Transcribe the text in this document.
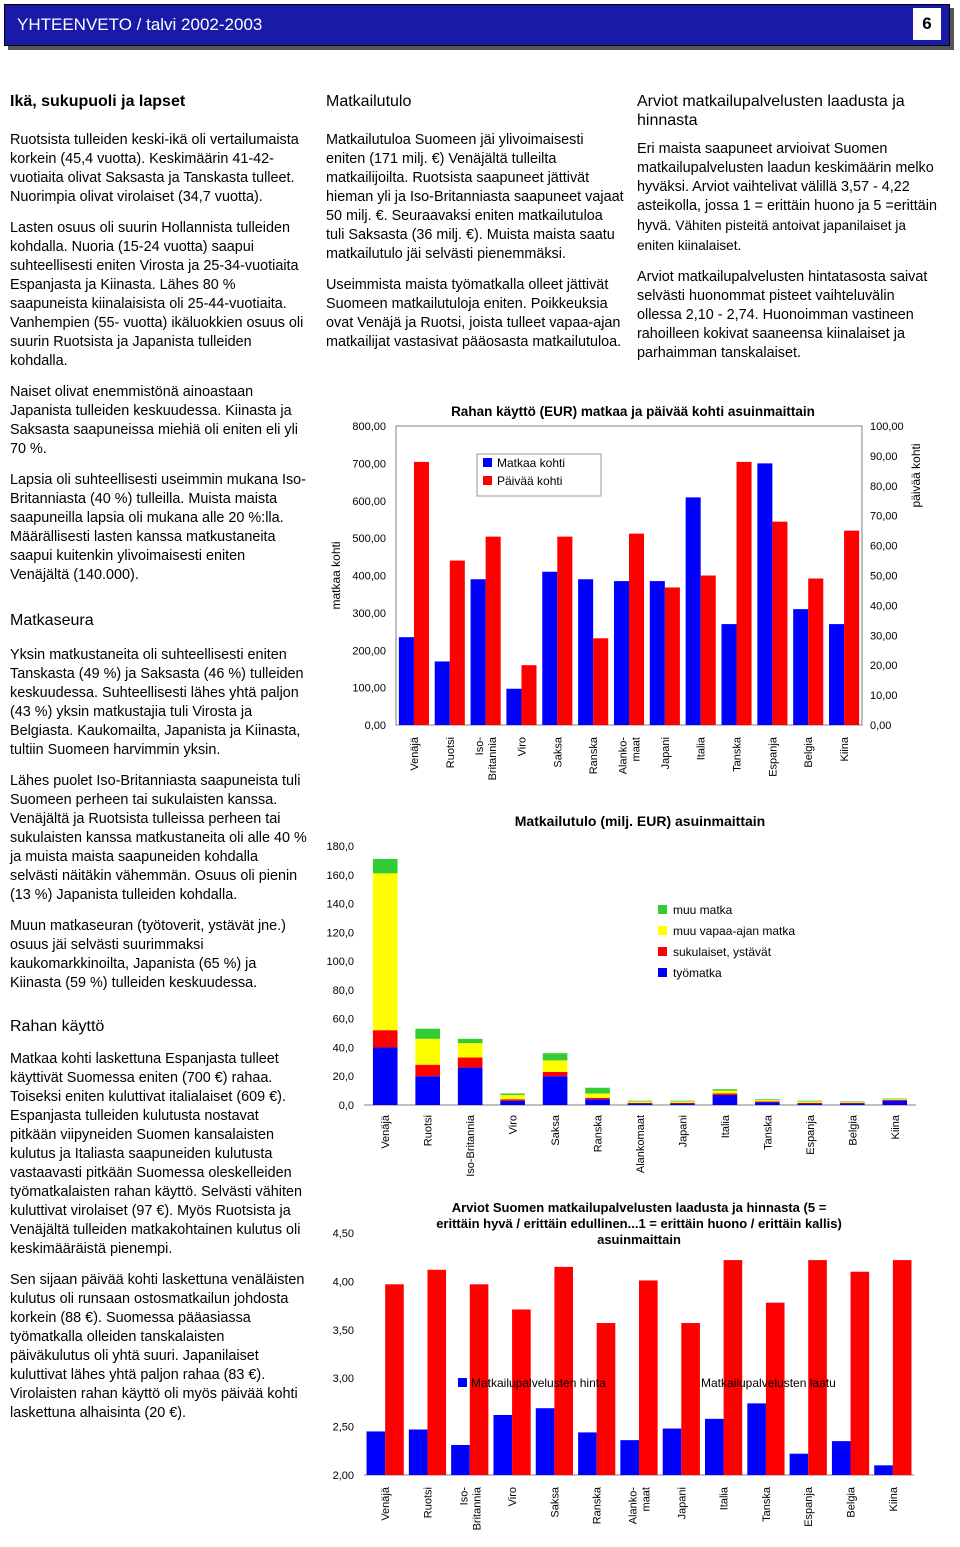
YHTEENVETO / talvi 2002-2003	6
Ikä, sukupuoli ja lapset

Ruotsista tulleiden keski-ikä oli vertailumaista korkein (45,4 vuotta). Keskimäärin 41-42-vuotiaita olivat Saksasta ja Tanskasta tulleet. Nuorimpia olivat virolaiset (34,7 vuotta).

Lasten osuus oli suurin Hollannista tulleiden kohdalla. Nuoria (15-24 vuotta) saapui suhteellisesti eniten Virosta ja 25-34-vuotiaita Espanjasta ja Kiinasta. Lähes 80 % saapuneista kiinalaisista oli 25-44-vuotiaita. Vanhempien (55- vuotta) ikäluokkien osuus oli suurin Ruotsista ja Japanista tulleiden kohdalla.

Naiset olivat enemmistönä ainoastaan Japanista tulleiden keskuudessa. Kiinasta ja Saksasta saapuneissa miehiä oli eniten eli yli 70 %.

Lapsia oli suhteellisesti useimmin mukana Iso-Britanniasta (40 %) tulleilla. Muista maista saapuneilla lapsia oli mukana alle 20 %:lla. Määrällisesti lasten kanssa matkustaneita saapui kuitenkin ylivoimaisesti eniten Venäjältä (140.000).

Matkaseura

Yksin matkustaneita oli suhteellisesti eniten Tanskasta (49 %) ja Saksasta (46 %) tulleiden keskuudessa. Suhteellisesti lähes yhtä paljon (43 %) yksin matkustajia tuli Virosta ja Belgiasta. Kaukomailta, Japanista ja Kiinasta, tultiin Suomeen harvimmin yksin.

Lähes puolet Iso-Britanniasta saapuneista tuli Suomeen perheen tai sukulaisten kanssa. Venäjältä ja Ruotsista tulleissa perheen tai sukulaisten kanssa matkustaneita oli alle 40 % ja muista maista saapuneiden kohdalla selvästi näitäkin vähemmän. Osuus oli pienin (13 %) Japanista tulleiden kohdalla.

Muun matkaseuran (työtoverit, ystävät jne.) osuus jäi selvästi suurimmaksi kaukomarkkinoilta, Japanista (65 %) ja Kiinasta (59 %) tulleiden keskuudessa.

Rahan käyttö

Matkaa kohti laskettuna Espanjasta tulleet käyttivät Suomessa eniten (700 €) rahaa. Toiseksi eniten kuluttivat italialaiset (609 €). Espanjasta tulleiden kulutusta nostavat pitkään viipyneiden Suomen kansalaisten kulutus ja Italiasta saapuneiden kulutusta vastaavasti pitkään Suomessa oleskelleiden työmatkalaisten rahan käyttö. Selvästi vähiten kuluttivat virolaiset (97 €). Myös Ruotsista ja Venäjältä tulleiden matkakohtainen kulutus oli keskimääräistä pienempi.

Sen sijaan päivää kohti laskettuna venäläisten kulutus oli runsaan ostosmatkailun johdosta korkein (88 €). Suomessa pääasiassa työmatkalla olleiden tanskalaisten päiväkulutus oli yhtä suuri. Japanilaiset kuluttivat lähes yhtä paljon rahaa (83 €). Virolaisten rahan käyttö oli myös päivää kohti laskettuna alhaisinta (20 €).

Matkailutulo

Matkailutuloa Suomeen jäi ylivoimaisesti eniten (171 milj. €) Venäjältä tulleilta matkailijoilta. Ruotsista saapuneet jättivät hieman yli ja Iso-Britanniasta saapuneet vajaat 50 milj. €. Seuraavaksi eniten matkailutuloa tuli Saksasta (36 milj. €). Muista maista saatu matkailutulo jäi selvästi pienemmäksi.

Useimmista maista työmatkalla olleet jättivät Suomeen matkailutuloja eniten. Poikkeuksia ovat Venäjä ja Ruotsi, joista tulleet vapaa-ajan matkailijat vastasivat pääosasta matkailutuloa.

Arviot matkailupalvelusten laadusta ja hinnasta

Eri maista saapuneet arvioivat Suomen matkailupalvelusten laadun keskimäärin melko hyväksi. Arviot vaihtelivat välillä 3,57 - 4,22 asteikolla, jossa 1 = erittäin huono ja 5 =erittäin hyvä. Vähiten pisteitä antoivat japanilaiset ja eniten kiinalaiset.

Arviot matkailupalvelusten hintatasosta saivat selvästi huonommat pisteet vaihteluvälin ollessa 2,10 - 2,74. Huonoimman vastineen rahoilleen kokivat saaneensa kiinalaiset ja parhaimman tanskalaiset.

Rahan käyttö (EUR) matkaa ja päivää kohti asuinmaittain
0,00
100,00
200,00
300,00
400,00
500,00
600,00
700,00
800,00
0,00
10,00
20,00
30,00
40,00
50,00
60,00
70,00
80,00
90,00
100,00
matkaa kohti
päivää kohti
Venäjä Ruotsi Iso- Britannia Viro Saksa Ranska Alanko- maat Japani Italia Tanska Espanja Belgia Kiina
Matkaa kohti
Päivää kohti
Matkailutulo (milj. EUR) asuinmaittain
0,0
20,0
40,0
60,0
80,0
100,0
120,0
140,0
160,0
180,0
Venäjä	Ruotsi	Iso-Britannia	Viro	Saksa	Ranska	Alankomaat	Japani	Italia	Tanska	Espanja	Belgia	Kiina
muu matka
muu vapaa-ajan matka
sukulaiset, ystävät
työmatka
Arviot Suomen matkailupalvelusten laadusta ja hinnasta (5 =
erittäin hyvä / erittäin edullinen...1 = erittäin huono / erittäin kallis)
asuinmaittain
2,00
2,50
3,00
3,50
4,00
4,50
Venäjä	Ruotsi Iso- Britannia Viro	Saksa	Ranska Alanko- maat Japani	Italia	Tanska	Espanja	Belgia	Kiina
Matkailupalvelusten hinta	Matkailupalvelusten laatu
